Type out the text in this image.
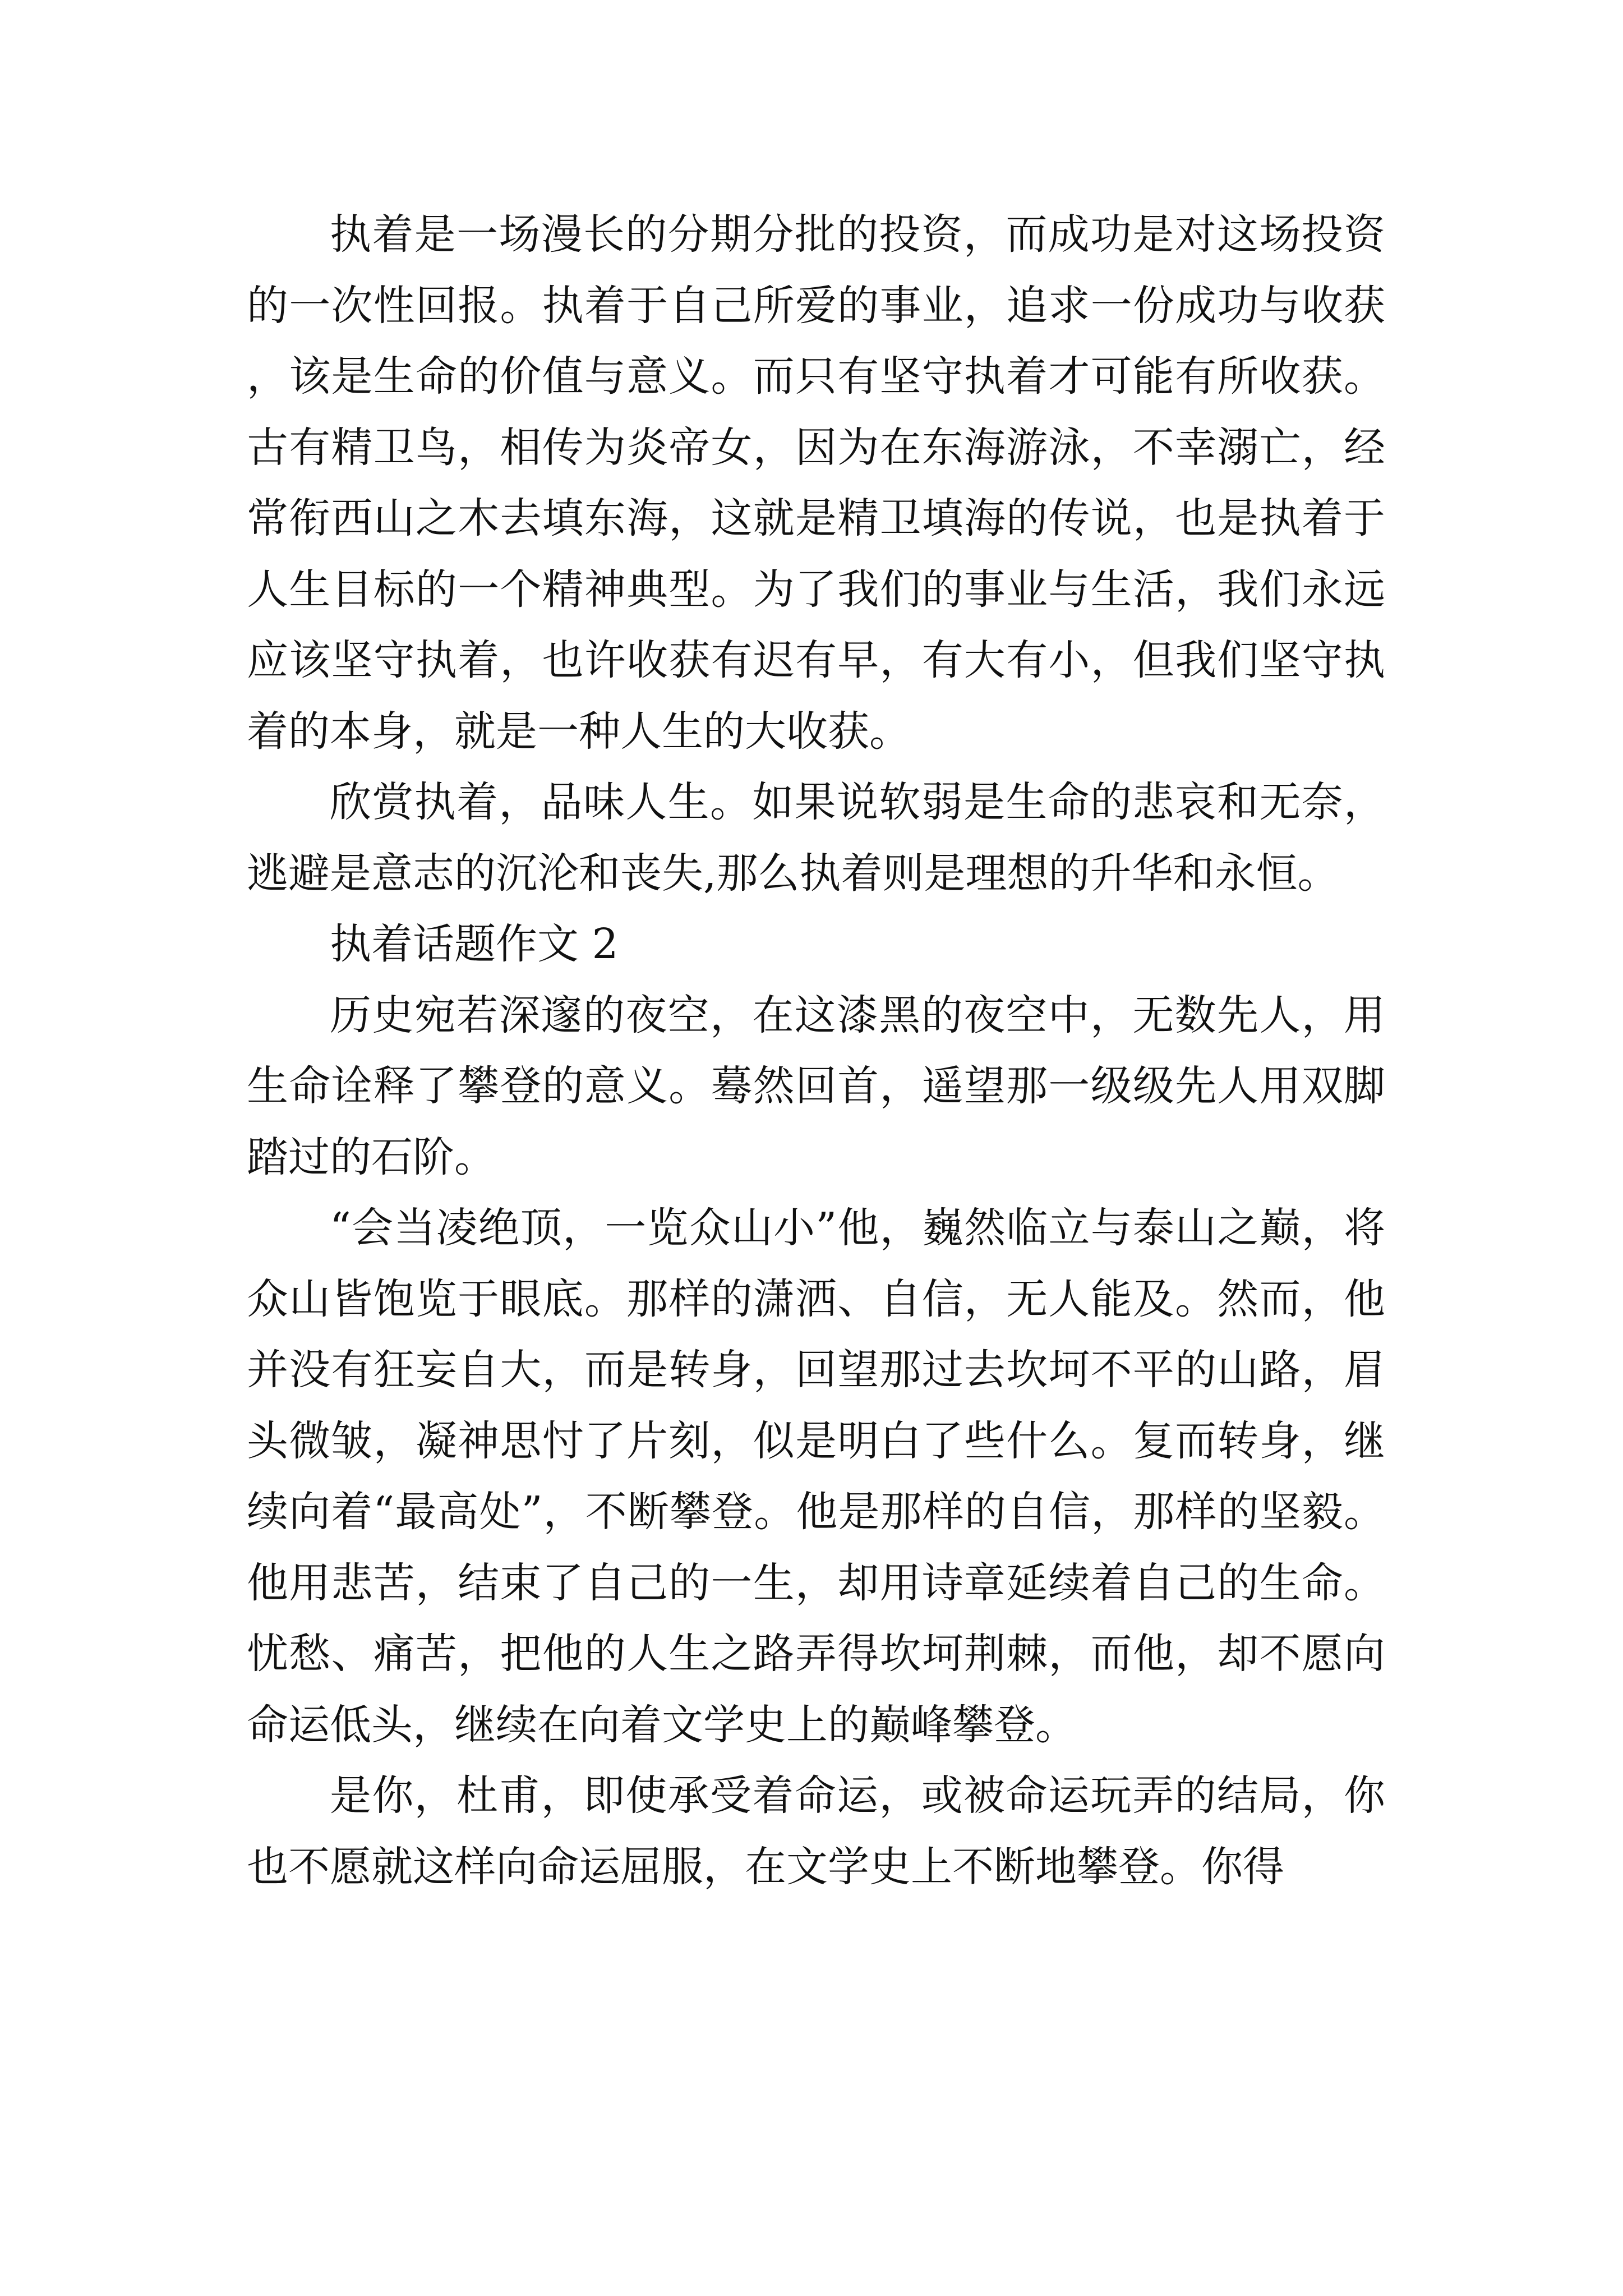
执着是一场漫长的分期分批的投资，而成功是对这场投资的一次性回报。执着于自己所爱的事业，追求一份成功与收获，该是生命的价值与意义。而只有坚守执着才可能有所收获。 古有精卫鸟，相传为炎帝女，因为在东海游泳，不幸溺亡，经常衔西山之木去填东海，这就是精卫填海的传说，也是执着于人生目标的一个精神典型。为了我们的事业与生活，我们永远应该坚守执着，也许收获有迟有早，有大有小，但我们坚守执着的本身，就是一种人生的大收获。

欣赏执着，品味人生。如果说软弱是生命的悲哀和无奈，逃避是意志的沉沦和丧失,那么执着则是理想的升华和永恒。

执着话题作文 2

历史宛若深邃的夜空，在这漆黑的夜空中，无数先人，用生命诠释了攀登的意义。蓦然回首，遥望那一级级先人用双脚踏过的石阶。

“会当凌绝顶，一览众山小”他，巍然临立与泰山之巅，将众山皆饱览于眼底。那样的潇洒、自信，无人能及。然而，他并没有狂妄自大，而是转身，回望那过去坎坷不平的山路，眉头微皱，凝神思忖了片刻，似是明白了些什么。复而转身，继续向着“最高处”，不断攀登。他是那样的自信，那样的坚毅。他用悲苦，结束了自己的一生，却用诗章延续着自己的生命。忧愁、痛苦，把他的人生之路弄得坎坷荆棘，而他，却不愿向命运低头，继续在向着文学史上的巅峰攀登。

是你，杜甫，即使承受着命运，或被命运玩弄的结局，你也不愿就这样向命运屈服，在文学史上不断地攀登。你得
